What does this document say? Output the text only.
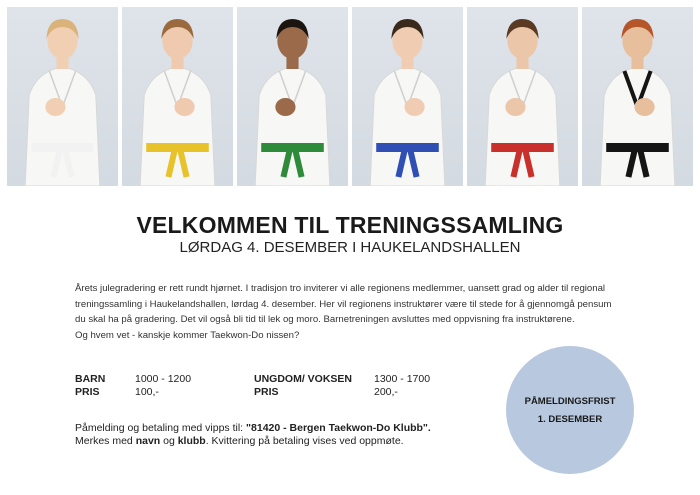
VELKOMMEN TIL TRENINGSSAMLING
LØRDAG 4. DESEMBER I HAUKELANDSHALLEN

Årets julegradering er rett rundt hjørnet. I tradisjon tro inviterer vi alle regionens medlemmer, uansett grad og alder til regional

treningssamling i Haukelandshallen, lørdag 4. desember. Her vil regionens instruktører være til stede for å gjennomgå pensum

du skal ha på gradering. Det vil også bli tid til lek og moro. Barnetreningen avsluttes med oppvisning fra instruktørene.

Og hvem vet - kanskje kommer Taekwon-Do nissen?

BARN	1000 - 1200
PRIS	100,-
UNGDOM/ VOKSEN	1300 - 1700
PRIS	200,-
Påmelding og betaling med vipps til: "81420 - Bergen Taekwon-Do Klubb".
Merkes med navn og klubb. Kvittering på betaling vises ved oppmøte.
PÅMELDINGSFRIST
1. DESEMBER
